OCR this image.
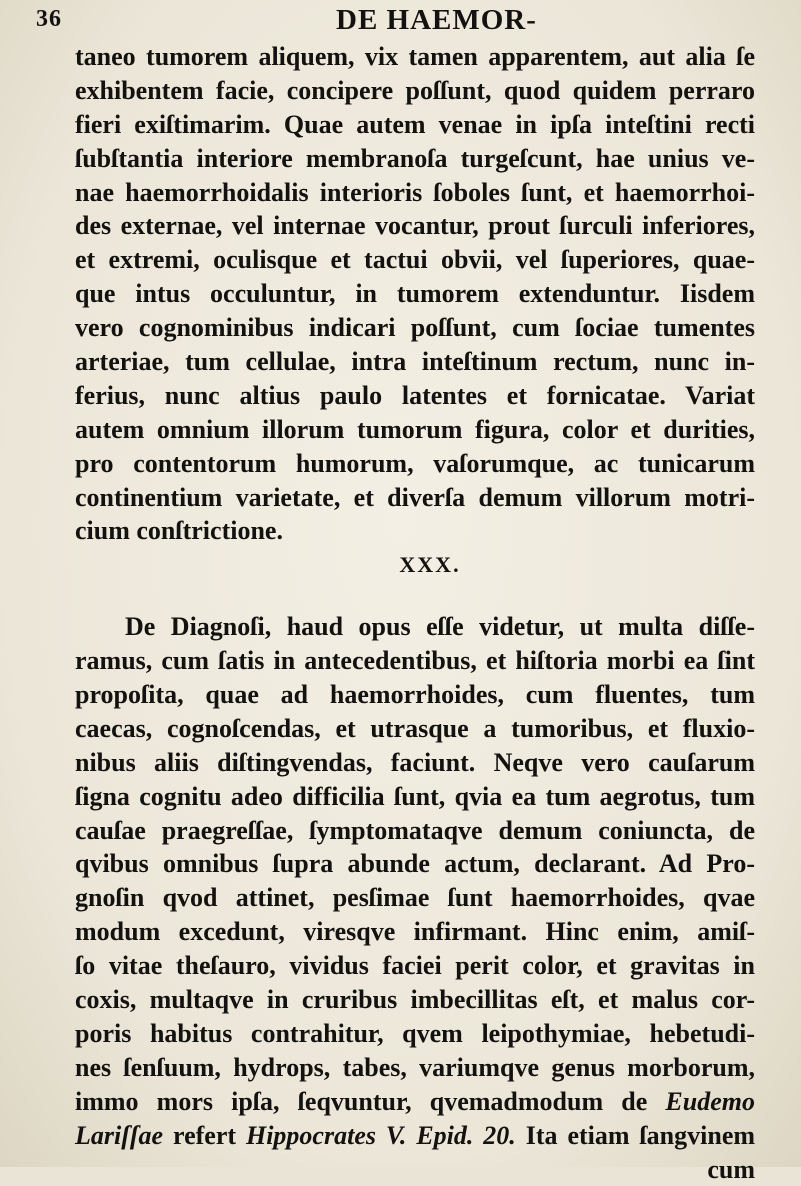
36	DE HAEMOR-
taneo tumorem aliquem, vix tamen apparentem, aut alia ſe
exhibentem facie, concipere poſſunt, quod quidem perraro
fieri exiſtimarim. Quae autem venae in ipſa inteſtini recti
ſubſtantia interiore membranoſa turgeſcunt, hae unius ve-
nae haemorrhoidalis interioris ſoboles ſunt, et haemorrhoi-
des externae, vel internae vocantur, prout ſurculi inferiores,
et extremi, oculisque et tactui obvii, vel ſuperiores, quae-
que intus occuluntur, in tumorem extenduntur. Iisdem
vero cognominibus indicari poſſunt, cum ſociae tumentes
arteriae, tum cellulae, intra inteſtinum rectum, nunc in-
ferius, nunc altius paulo latentes et fornicatae. Variat
autem omnium illorum tumorum figura, color et durities,
pro contentorum humorum, vaſorumque, ac tunicarum
continentium varietate, et diverſa demum villorum motri-
cium conſtrictione.
XXX.
De Diagnoſi, haud opus eſſe videtur, ut multa diſſe-
ramus, cum ſatis in antecedentibus, et hiſtoria morbi ea ſint
propoſita, quae ad haemorrhoides, cum fluentes, tum
caecas, cognoſcendas, et utrasque a tumoribus, et fluxio-
nibus aliis diſtingvendas, faciunt. Neqve vero cauſarum
ſigna cognitu adeo difficilia ſunt, qvia ea tum aegrotus, tum
cauſae praegreſſae, ſymptomataqve demum coniuncta, de
qvibus omnibus ſupra abunde actum, declarant. Ad Pro-
gnoſin qvod attinet, pesſimae ſunt haemorrhoides, qvae
modum excedunt, viresqve infirmant. Hinc enim, amiſ-
ſo vitae theſauro, vividus faciei perit color, et gravitas in
coxis, multaqve in cruribus imbecillitas eſt, et malus cor-
poris habitus contrahitur, qvem leipothymiae, hebetudi-
nes ſenſuum, hydrops, tabes, variumqve genus morborum,
immo mors ipſa, ſeqvuntur, qvemadmodum de Eudemo
Lariſſae refert Hippocrates V. Epid. 20. Ita etiam ſangvinem
cum
